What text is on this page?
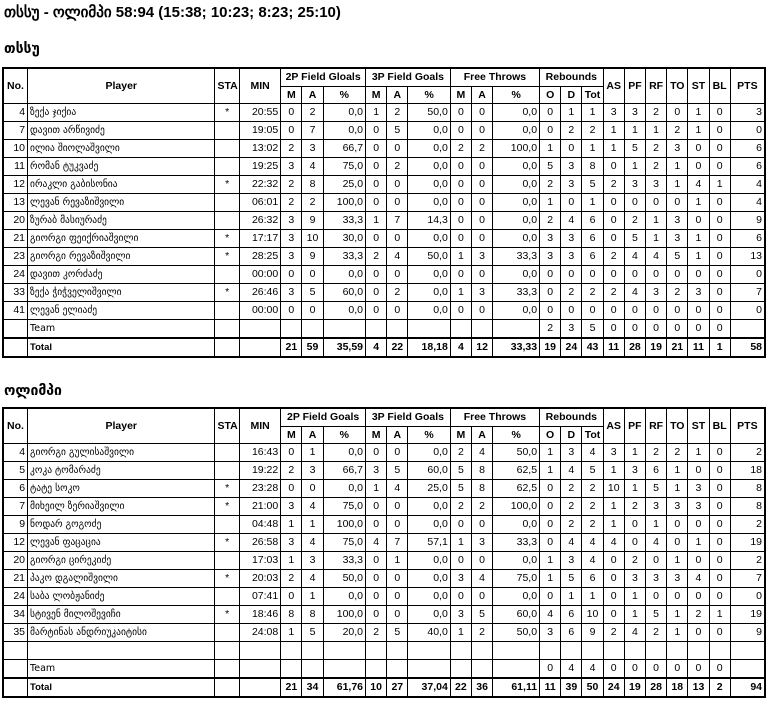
თსსუ - ოლიმპი 58:94 (15:38; 10:23; 8:23; 25:10)
თსსუ
No.	Player	STA	MIN	2P Field Gloals			3P Field Goals			Free Throws			Rebounds			AS	PF	RF	TO	ST	BL	PTS
				M	A	%	M	A	%	M	A	%	O	D	Tot							
4	ზექა ჯიქია	*	20:55	0	2	0,0	1	2	50,0	0	0	0,0	0	1	1	3	3	2	0	1	0	3
7	დავით არწივიძე		19:05	0	7	0,0	0	5	0,0	0	0	0,0	0	2	2	1	1	1	2	1	0	0
10	ილია შიოლაშვილი		13:02	2	3	66,7	0	0	0,0	2	2	100,0	1	0	1	1	5	2	3	0	0	6
11	რომან ტუკვაძე		19:25	3	4	75,0	0	2	0,0	0	0	0,0	5	3	8	0	1	2	1	0	0	6
12	ირაკლი გაბისონია	*	22:32	2	8	25,0	0	0	0,0	0	0	0,0	2	3	5	2	3	3	1	4	1	4
13	ლევან რევაზიშვილი		06:01	2	2	100,0	0	0	0,0	0	0	0,0	1	0	1	0	0	0	0	1	0	4
20	ზურაბ მასიურაძე		26:32	3	9	33,3	1	7	14,3	0	0	0,0	2	4	6	0	2	1	3	0	0	9
21	გიორგი ფეიქრიაშვილი	*	17:17	3	10	30,0	0	0	0,0	0	0	0,0	3	3	6	0	5	1	3	1	0	6
23	გიორგი რევაზიშვილი	*	28:25	3	9	33,3	2	4	50,0	1	3	33,3	3	3	6	2	4	4	5	1	0	13
24	დავით კორძაძე		00:00	0	0	0,0	0	0	0,0	0	0	0,0	0	0	0	0	0	0	0	0	0	0
33	ზექა ჭიჭველიშვილი	*	26:46	3	5	60,0	0	2	0,0	1	3	33,3	0	2	2	2	4	3	2	3	0	7
41	ლევან ელიაძე		00:00	0	0	0,0	0	0	0,0	0	0	0,0	0	0	0	0	0	0	0	0	0	0
	Team												2	3	5	0	0	0	0	0	0	
	Total			21	59	35,59	4	22	18,18	4	12	33,33	19	24	43	11	28	19	21	11	1	58
ოლიმპი
No.	Player	STA	MIN	2P Field Goals			3P Field Goals			Free Throws			Rebounds			AS	PF	RF	TO	ST	BL	PTS
				M	A	%	M	A	%	M	A	%	O	D	Tot							
4	გიორგი გულისაშვილი		16:43	0	1	0,0	0	0	0,0	2	4	50,0	1	3	4	3	1	2	2	1	0	2
5	კოკა ტომარაძე		19:22	2	3	66,7	3	5	60,0	5	8	62,5	1	4	5	1	3	6	1	0	0	18
6	ტატე სოკო	*	23:28	0	0	0,0	1	4	25,0	5	8	62,5	0	2	2	10	1	5	1	3	0	8
7	მიხეილ ზერიაშვილი	*	21:00	3	4	75,0	0	0	0,0	2	2	100,0	0	2	2	1	2	3	3	3	0	8
9	ნოდარ გოგოძე		04:48	1	1	100,0	0	0	0,0	0	0	0,0	0	2	2	1	0	1	0	0	0	2
12	ლევან ფაცაცია	*	26:58	3	4	75,0	4	7	57,1	1	3	33,3	0	4	4	4	0	4	0	1	0	19
20	გიორგი ცირეკიძე		17:03	1	3	33,3	0	1	0,0	0	0	0,0	1	3	4	0	2	0	1	0	0	2
21	პაკო დგალიშვილი	*	20:03	2	4	50,0	0	0	0,0	3	4	75,0	1	5	6	0	3	3	3	4	0	7
24	საბა ლობჟანიძე		07:41	0	1	0,0	0	0	0,0	0	0	0,0	0	1	1	0	1	0	0	0	0	0
34	სტივენ მილოშევიჩი	*	18:46	8	8	100,0	0	0	0,0	3	5	60,0	4	6	10	0	1	5	1	2	1	19
35	მარტინას ანდრიუკაიტისი		24:08	1	5	20,0	2	5	40,0	1	2	50,0	3	6	9	2	4	2	1	0	0	9

	Team												0	4	4	0	0	0	0	0	0	
	Total			21	34	61,76	10	27	37,04	22	36	61,11	11	39	50	24	19	28	18	13	2	94
